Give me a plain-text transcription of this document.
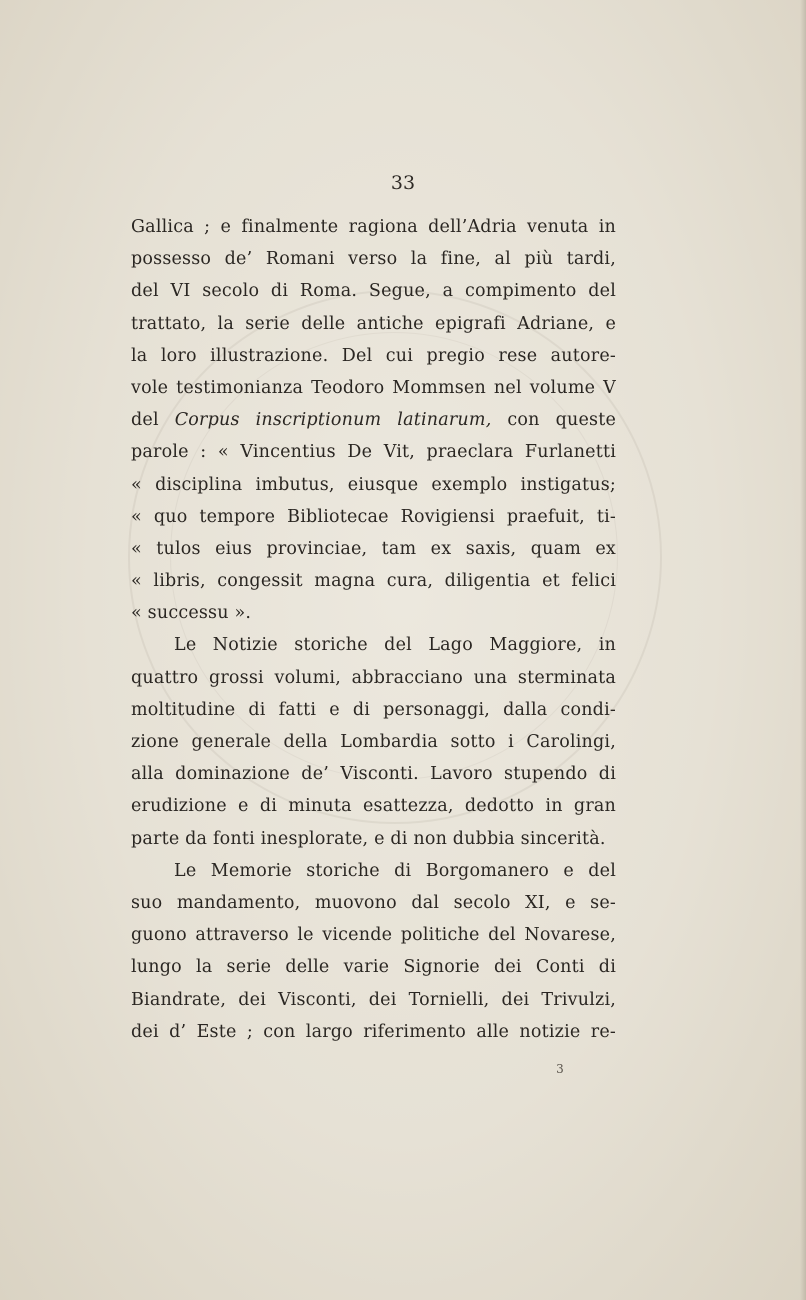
33
Gallica ; e finalmente ragiona dell’Adria venuta in
possesso de’ Romani verso la fine, al più tardi,
del VI secolo di Roma. Segue, a compimento del
trattato, la serie delle antiche epigrafi Adriane, e
la loro illustrazione. Del cui pregio rese autore-
vole testimonianza Teodoro Mommsen nel volume V
del Corpus inscriptionum latinarum, con queste
parole : « Vincentius De Vit, praeclara Furlanetti
« disciplina imbutus, eiusque exemplo instigatus;
« quo tempore Bibliotecae Rovigiensi praefuit, ti-
« tulos eius provinciae, tam ex saxis, quam ex
« libris, congessit magna cura, diligentia et felici
« successu ».
Le Notizie storiche del Lago Maggiore, in
quattro grossi volumi, abbracciano una sterminata
moltitudine di fatti e di personaggi, dalla condi-
zione generale della Lombardia sotto i Carolingi,
alla dominazione de’ Visconti. Lavoro stupendo di
erudizione e di minuta esattezza, dedotto in gran
parte da fonti inesplorate, e di non dubbia sincerità.
Le Memorie storiche di Borgomanero e del
suo mandamento, muovono dal secolo XI, e se-
guono attraverso le vicende politiche del Novarese,
lungo la serie delle varie Signorie dei Conti di
Biandrate, dei Visconti, dei Tornielli, dei Trivulzi,
dei d’ Este ; con largo riferimento alle notizie re-
3
